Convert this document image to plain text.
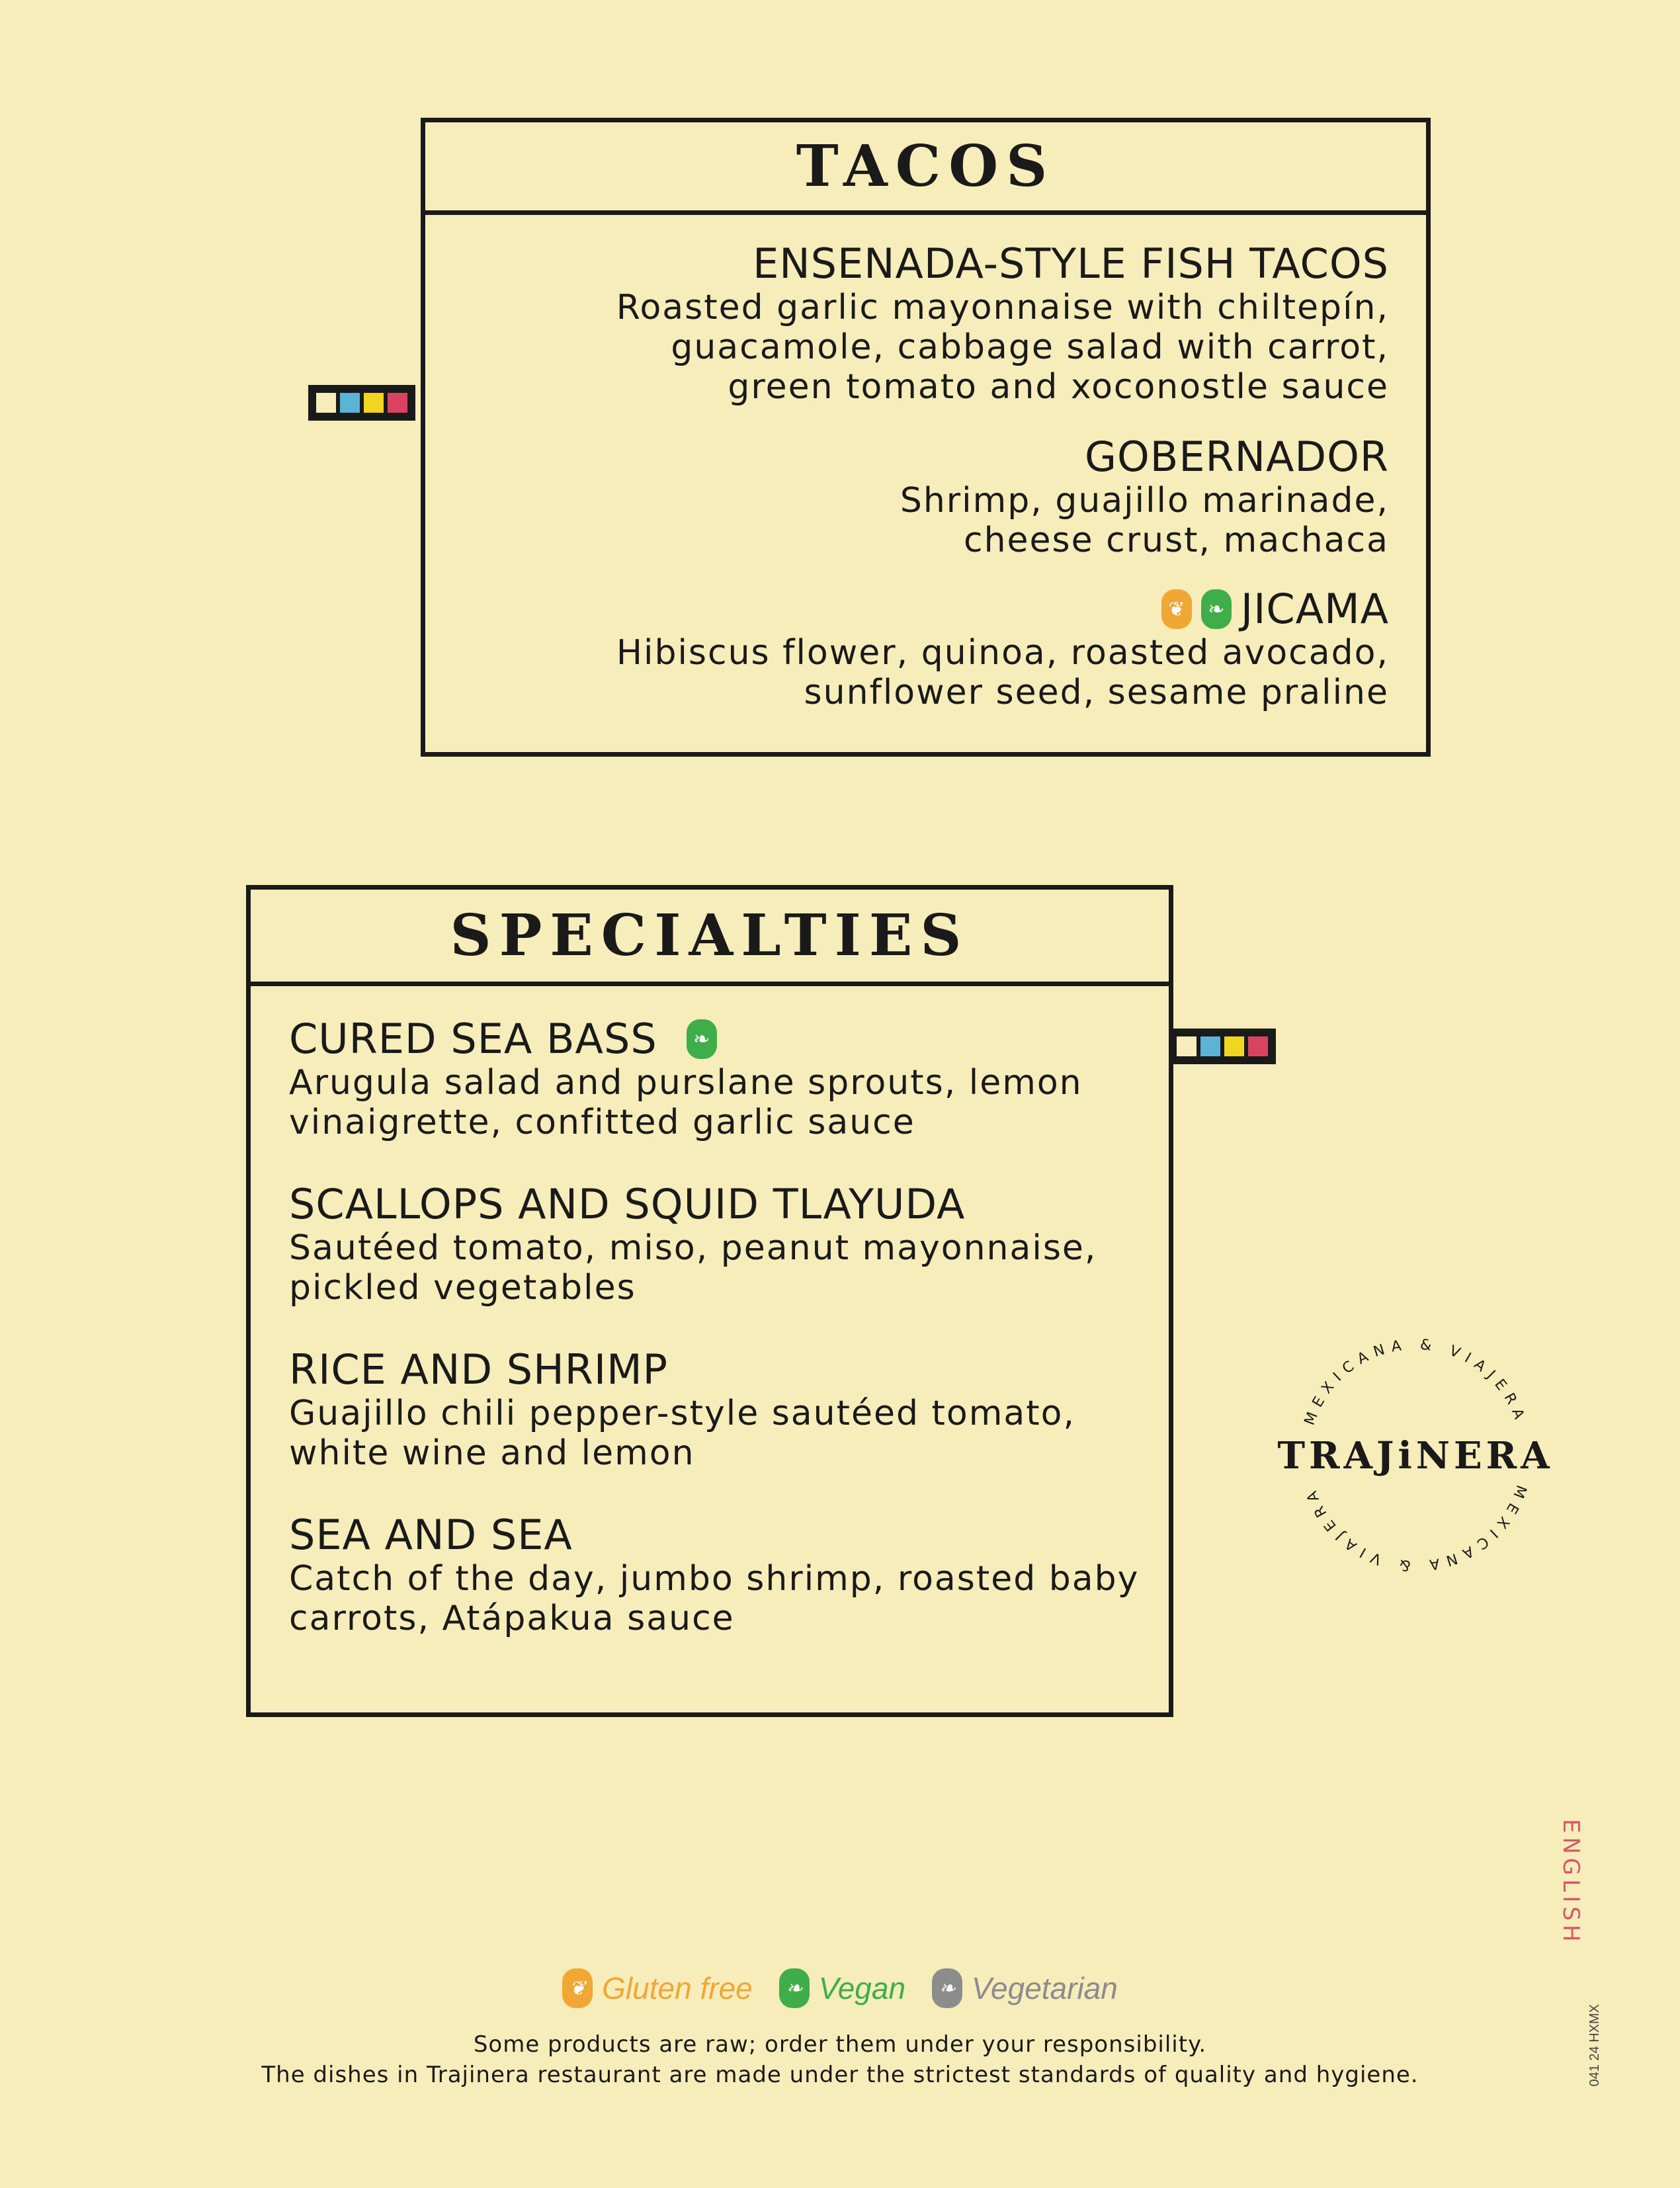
TACOS
ENSENADA-STYLE FISH TACOS
Roasted garlic mayonnaise with chiltepín,
guacamole, cabbage salad with carrot,
green tomato and xoconostle sauce
GOBERNADOR
Shrimp, guajillo marinade,
cheese crust, machaca
❦	❧ JICAMA
Hibiscus flower, quinoa, roasted avocado,
sunflower seed, sesame praline
SPECIALTIES
CURED SEA BASS	❧
Arugula salad and purslane sprouts, lemon
vinaigrette, confitted garlic sauce
SCALLOPS AND SQUID TLAYUDA
Sautéed tomato, miso, peanut mayonnaise,
pickled vegetables
RICE AND SHRIMP
Guajillo chili pepper-style sautéed tomato,
white wine and lemon
SEA AND SEA
Catch of the day, jumbo shrimp, roasted baby
carrots, Atápakua sauce
MEXICANA & VIAJERA
MEXICANA & VIAJERA
TRAJiNERA
ENGLISH
041 24 HXMX
❦ Gluten free	❧ Vegan	❧ Vegetarian
Some products are raw; order them under your responsibility.
The dishes in Trajinera restaurant are made under the strictest standards of quality and hygiene.
